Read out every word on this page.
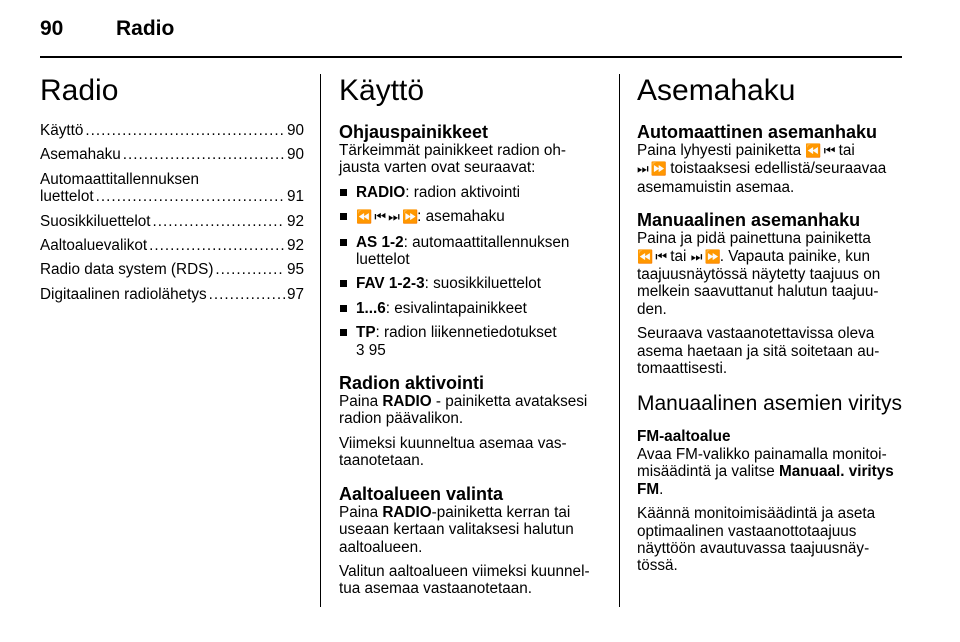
90	Radio
Radio
Käyttö .....	90
Asemahaku .....	90
Automaattitallennuksen
luettelot .....	91
Suosikkiluettelot .....	92
Aaltoaluevalikot .....	92
Radio data system (RDS) .....	95
Digitaalinen radiolähetys .....	97
Käyttö
Ohjauspainikkeet

Tärkeimmät painikkeet radion oh-
jausta varten ovat seuraavat:

RADIO: radion aktivointi
⏪ ⏮ ⏭ ⏩: asemahaku
AS 1-2: automaattitallennuksen luettelot
FAV 1-2-3: suosikkiluettelot
1...6: esivalintapainikkeet
TP: radion liikennetiedotukset
3 95
Radion aktivointi

Paina RADIO - painiketta avataksesi radion päävalikon.

Viimeksi kuunneltua asemaa vas-taanotetaan.

Aaltoalueen valinta

Paina RADIO-painiketta kerran tai useaan kertaan valitaksesi halutun aaltoalueen.

Valitun aaltoalueen viimeksi kuunnel-tua asemaa vastaanotetaan.

Asemahaku
Automaattinen asemanhaku

Paina lyhyesti painiketta ⏪ ⏮ tai
⏭ ⏩ toistaaksesi edellistä/seuraavaa asemamuistin asemaa.

Manuaalinen asemanhaku

Paina ja pidä painettuna painiketta
⏪ ⏮ tai ⏭ ⏩. Vapauta painike, kun taajuusnäytössä näytetty taajuus on melkein saavuttanut halutun taajuu-den.

Seuraava vastaanotettavissa oleva asema haetaan ja sitä soitetaan au-tomaattisesti.

Manuaalinen asemien viritys
FM-aaltoalue

Avaa FM-valikko painamalla monitoi-misäädintä ja valitse Manuaal. viritys FM.

Käännä monitoimisäädintä ja aseta optimaalinen vastaanottotaajuus näyttöön avautuvassa taajuusnäy-tössä.
